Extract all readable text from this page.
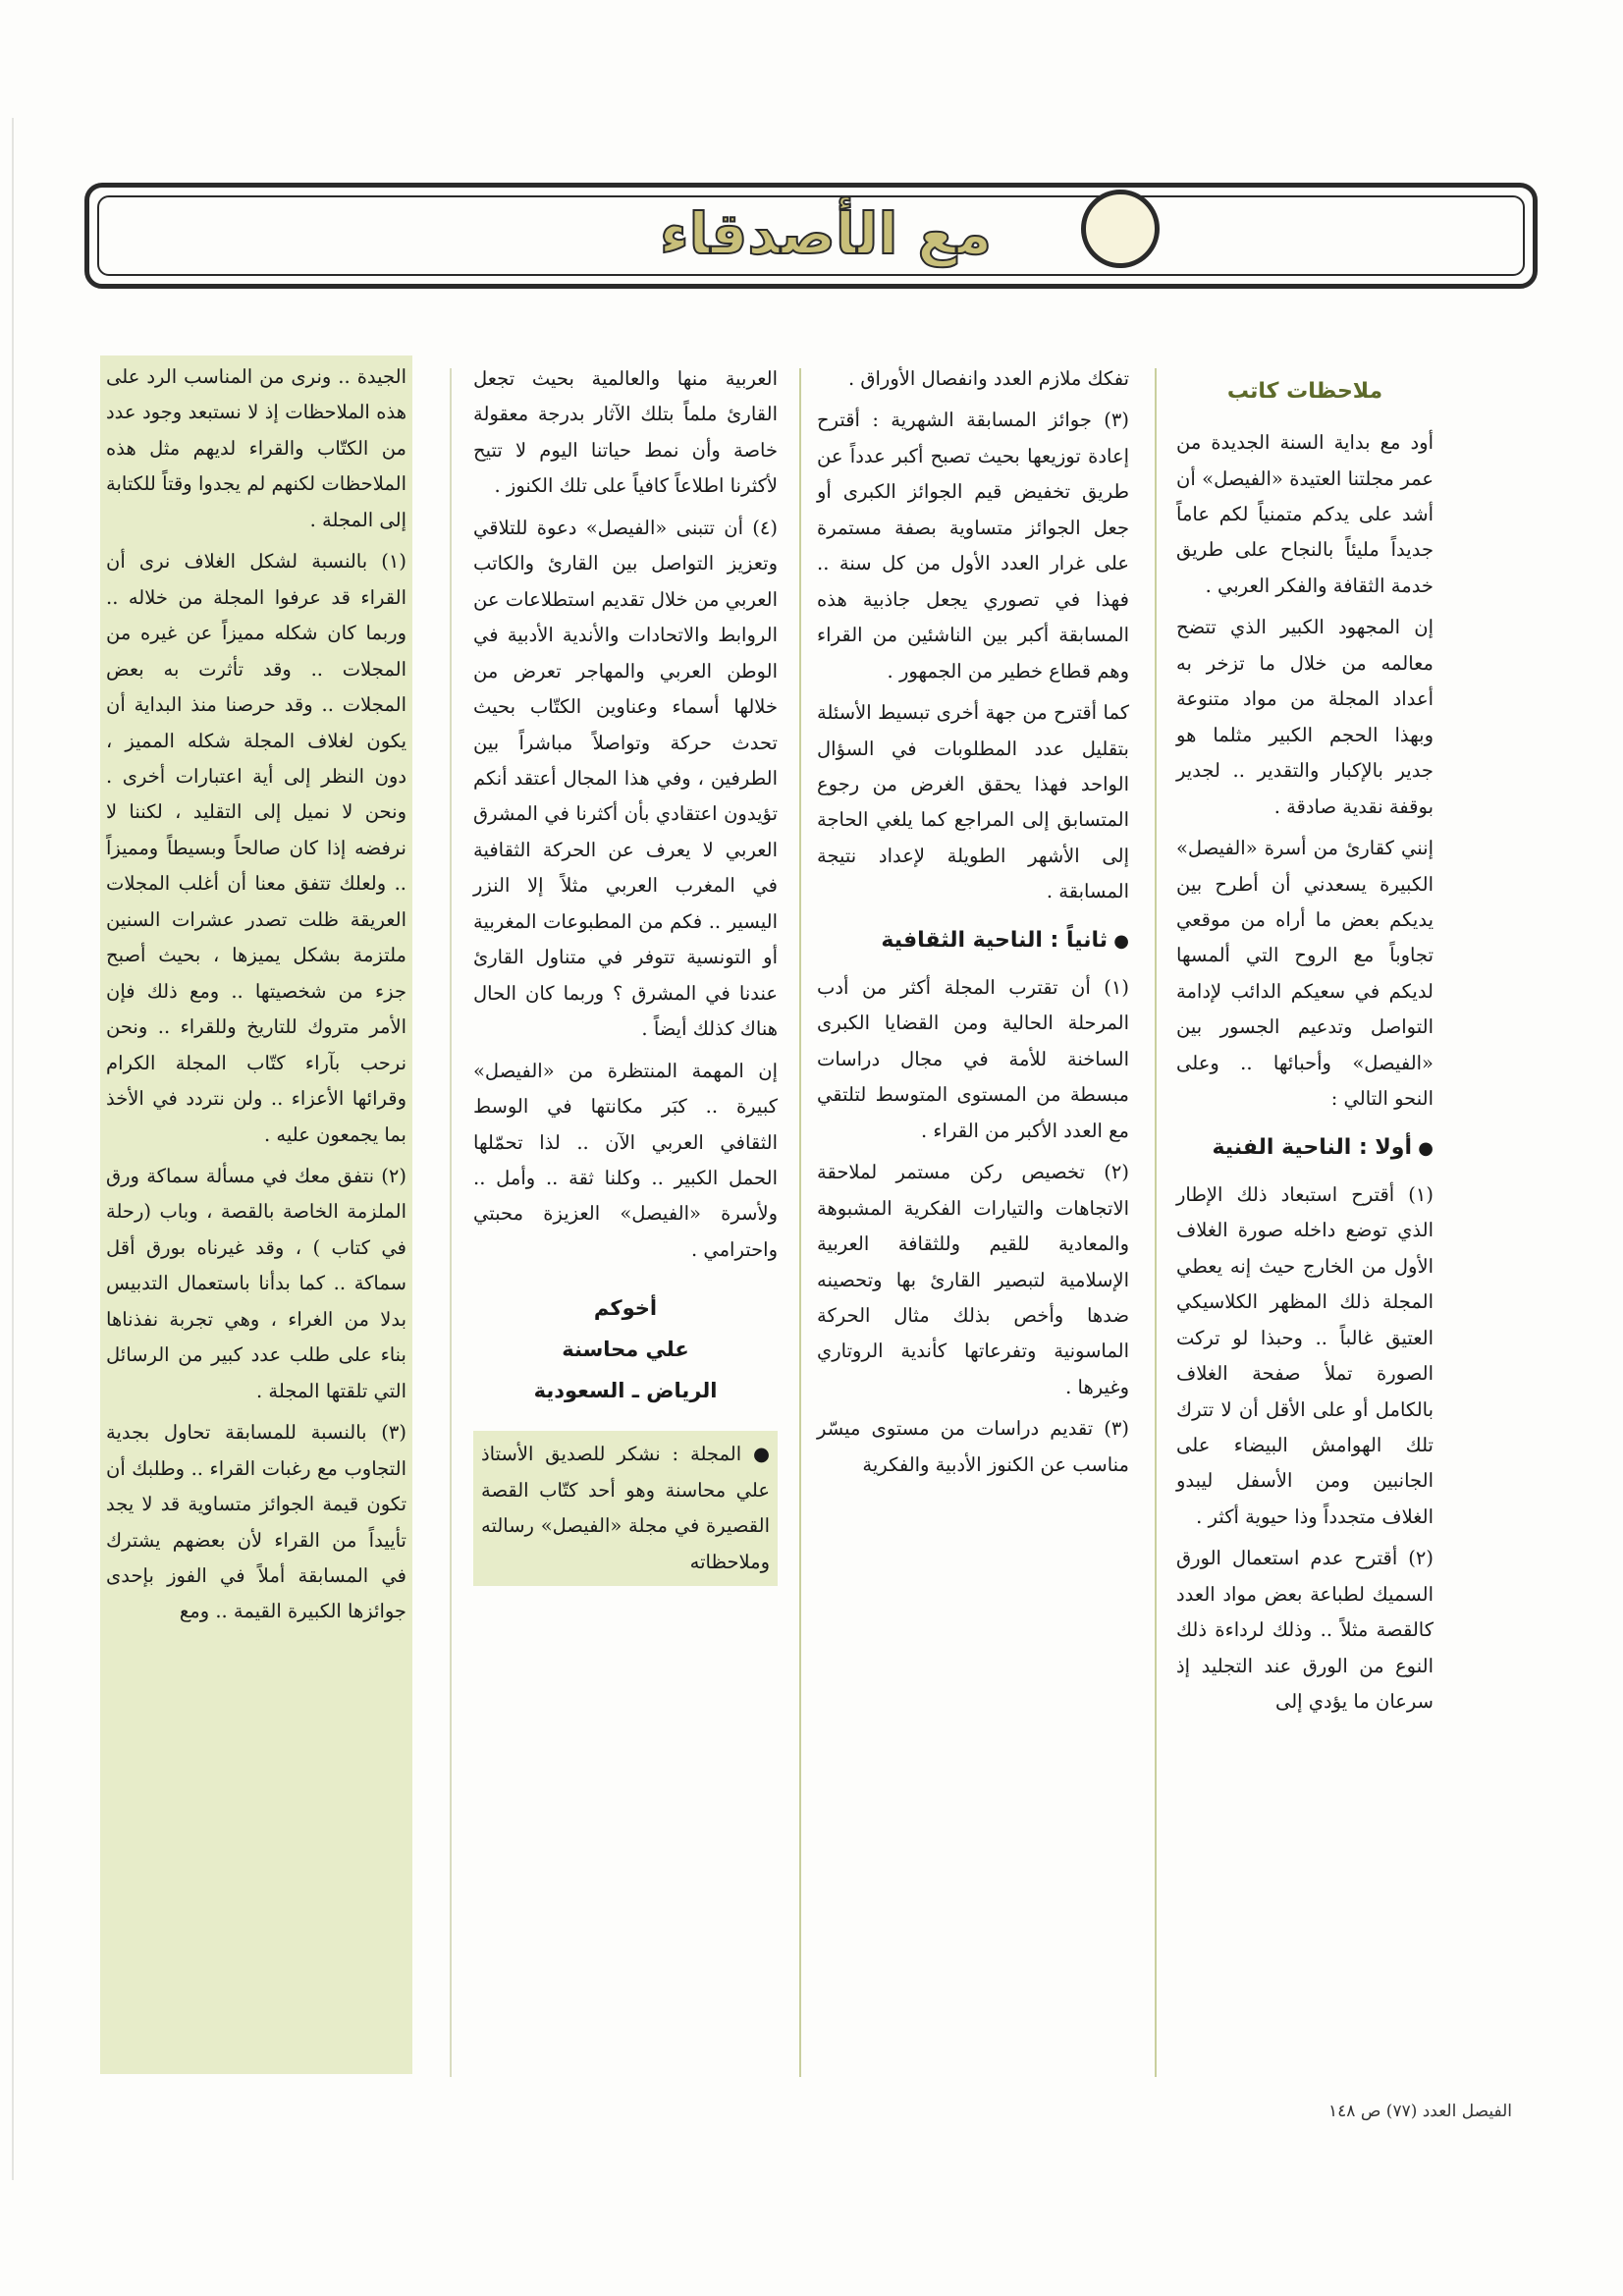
مع الأصدقاء
ملاحظات كاتب

أود مع بداية السنة الجديدة من عمر مجلتنا العتيدة «الفيصل» أن أشد على يدكم متمنياً لكم عاماً جديداً مليئاً بالنجاح على طريق خدمة الثقافة والفكر العربي .

إن المجهود الكبير الذي تتضح معالمه من خلال ما تزخر به أعداد المجلة من مواد متنوعة وبهذا الحجم الكبير مثلما هو جدير بالإكبار والتقدير .. لجدير بوقفة نقدية صادقة .

إنني كقارئ من أسرة «الفيصل» الكبيرة يسعدني أن أطرح بين يديكم بعض ما أراه من موقعي تجاوباً مع الروح التي ألمسها لديكم في سعيكم الدائب لإدامة التواصل وتدعيم الجسور بين «الفيصل» وأحبائها .. وعلى النحو التالي :

● أولا : الناحية الفنية

(١) أقترح استبعاد ذلك الإطار الذي توضع داخله صورة الغلاف الأول من الخارج حيث إنه يعطي المجلة ذلك المظهر الكلاسيكي العتيق غالباً .. وحبذا لو تركت الصورة تملأ صفحة الغلاف بالكامل أو على الأقل أن لا تترك تلك الهوامش البيضاء على الجانبين ومن الأسفل ليبدو الغلاف متجدداً وذا حيوية أكثر .

(٢) أقترح عدم استعمال الورق السميك لطباعة بعض مواد العدد كالقصة مثلاً .. وذلك لرداءة ذلك النوع من الورق عند التجليد إذ سرعان ما يؤدي إلى

تفكك ملازم العدد وانفصال الأوراق .

(٣) جوائز المسابقة الشهرية : أقترح إعادة توزيعها بحيث تصبح أكبر عدداً عن طريق تخفيض قيم الجوائز الكبرى أو جعل الجوائز متساوية بصفة مستمرة على غرار العدد الأول من كل سنة .. فهذا في تصوري يجعل جاذبية هذه المسابقة أكبر بين الناشئين من القراء وهم قطاع خطير من الجمهور .

كما أقترح من جهة أخرى تبسيط الأسئلة بتقليل عدد المطلوبات في السؤال الواحد فهذا يحقق الغرض من رجوع المتسابق إلى المراجع كما يلغي الحاجة إلى الأشهر الطويلة لإعداد نتيجة المسابقة .

● ثانياً : الناحية الثقافية

(١) أن تقترب المجلة أكثر من أدب المرحلة الحالية ومن القضايا الكبرى الساخنة للأمة في مجال دراسات مبسطة من المستوى المتوسط لتلتقي مع العدد الأكبر من القراء .

(٢) تخصيص ركن مستمر لملاحقة الاتجاهات والتيارات الفكرية المشبوهة والمعادية للقيم وللثقافة العربية الإسلامية لتبصير القارئ بها وتحصينه ضدها وأخص بذلك مثال الحركة الماسونية وتفرعاتها كأندية الروتاري وغيرها .

(٣) تقديم دراسات من مستوى ميسّر مناسب عن الكنوز الأدبية والفكرية

العربية منها والعالمية بحيث تجعل القارئ ملماً بتلك الآثار بدرجة معقولة خاصة وأن نمط حياتنا اليوم لا تتيح لأكثرنا اطلاعاً كافياً على تلك الكنوز .

(٤) أن تتبنى «الفيصل» دعوة للتلاقي وتعزيز التواصل بين القارئ والكاتب العربي من خلال تقديم استطلاعات عن الروابط والاتحادات والأندية الأدبية في الوطن العربي والمهاجر تعرض من خلالها أسماء وعناوين الكتّاب بحيث تحدث حركة وتواصلاً مباشراً بين الطرفين ، وفي هذا المجال أعتقد أنكم تؤيدون اعتقادي بأن أكثرنا في المشرق العربي لا يعرف عن الحركة الثقافية في المغرب العربي مثلاً إلا النزر اليسير .. فكم من المطبوعات المغربية أو التونسية تتوفر في متناول القارئ عندنا في المشرق ؟ وربما كان الحال هناك كذلك أيضاً .

إن المهمة المنتظرة من «الفيصل» كبيرة .. كبَر مكانتها في الوسط الثقافي العربي الآن .. لذا تحمّلها الحمل الكبير .. وكلنا ثقة .. وأمل .. ولأسرة «الفيصل» العزيزة محبتي واحترامي .

أخوكم
علي محاسنة
الرياض ـ السعودية
● المجلة : نشكر للصديق الأستاذ علي محاسنة وهو أحد كتّاب القصة القصيرة في مجلة «الفيصل» رسالته وملاحظاته

الجيدة .. ونرى من المناسب الرد على هذه الملاحظات إذ لا نستبعد وجود عدد من الكتّاب والقراء لديهم مثل هذه الملاحظات لكنهم لم يجدوا وقتاً للكتابة إلى المجلة .

(١) بالنسبة لشكل الغلاف نرى أن القراء قد عرفوا المجلة من خلاله .. وربما كان شكله مميزاً عن غيره من المجلات .. وقد تأثرت به بعض المجلات .. وقد حرصنا منذ البداية أن يكون لغلاف المجلة شكله المميز ، دون النظر إلى أية اعتبارات أخرى . ونحن لا نميل إلى التقليد ، لكننا لا نرفضه إذا كان صالحاً وبسيطاً ومميزاً .. ولعلك تتفق معنا أن أغلب المجلات العريقة ظلت تصدر عشرات السنين ملتزمة بشكل يميزها ، بحيث أصبح جزء من شخصيتها .. ومع ذلك فإن الأمر متروك للتاريخ وللقراء .. ونحن نرحب بآراء كتّاب المجلة الكرام وقرائها الأعزاء .. ولن نتردد في الأخذ بما يجمعون عليه .

(٢) نتفق معك في مسألة سماكة ورق الملزمة الخاصة بالقصة ، وباب (رحلة في كتاب ) ، وقد غيرناه بورق أقل سماكة .. كما بدأنا باستعمال التدبيس بدلا من الغراء ، وهي تجربة نفذناها بناء على طلب عدد كبير من الرسائل التي تلقتها المجلة .

(٣) بالنسبة للمسابقة تحاول بجدية التجاوب مع رغبات القراء .. وطلبك أن تكون قيمة الجوائز متساوية قد لا يجد تأييداً من القراء لأن بعضهم يشترك في المسابقة أملاً في الفوز بإحدى جوائزها الكبيرة القيمة .. ومع

الفيصل العدد (٧٧) ص ١٤٨
